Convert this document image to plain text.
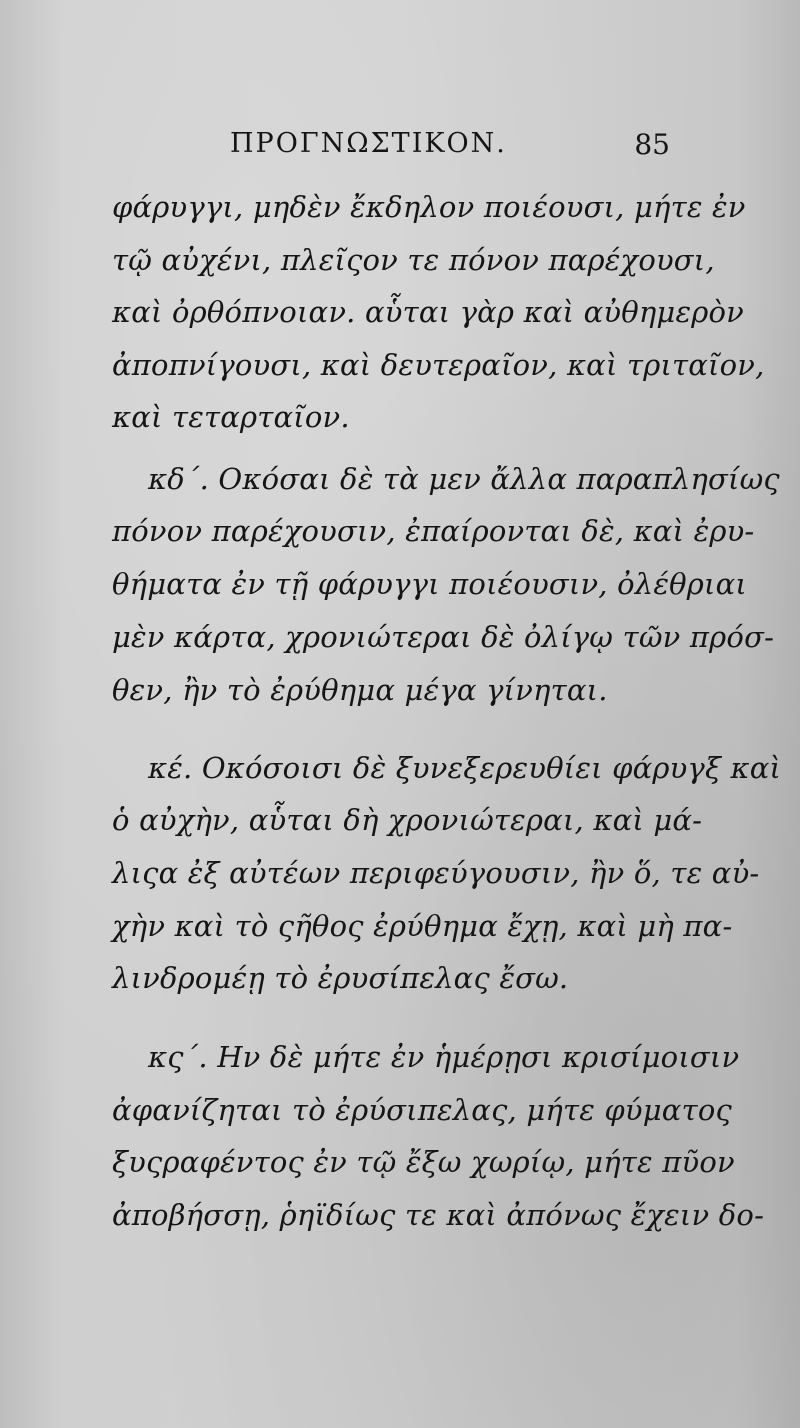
ΠΡΟΓΝΩΣΤΙΚΟΝ.	85
φάρυγγι, μηδὲν ἔκδηλον ποιέουσι, μήτε ἐν
τῷ αὐχένι, πλεῖςον τε πόνον παρέχουσι,
καὶ ὀρθόπνοιαν. αὗται γὰρ καὶ αὐθημερὸν
ἀποπνίγουσι, καὶ δευτεραῖον, καὶ τριταῖον,
καὶ τεταρταῖον.
κδ΄. Οκόσαι δὲ τὰ μεν ἄλλα παραπλησίως
πόνον παρέχουσιν, ἐπαίρονται δὲ, καὶ ἐρυ-
θήματα ἐν τῇ φάρυγγι ποιέουσιν, ὀλέθριαι
μὲν κάρτα, χρονιώτεραι δὲ ὀλίγῳ τῶν πρόσ-
θεν, ἢν τὸ ἐρύθημα μέγα γίνηται.
κέ. Οκόσοισι δὲ ξυνεξερευθίει φάρυγξ καὶ
ὁ αὐχὴν, αὗται δὴ χρονιώτεραι, καὶ μά-
λιςα ἐξ αὐτέων περιφεύγουσιν, ἢν ὅ, τε αὐ-
χὴν καὶ τὸ ςῆθος ἐρύθημα ἔχῃ, καὶ μὴ πα-
λινδρομέῃ τὸ ἐρυσίπελας ἔσω.
κς΄. Ην δὲ μήτε ἐν ἡμέρῃσι κρισίμοισιν
ἀφανίζηται τὸ ἐρύσιπελας, μήτε φύματος
ξυςραφέντος ἐν τῷ ἔξω χωρίῳ, μήτε πῦον
ἀποβήσσῃ, ῥηϊδίως τε καὶ ἀπόνως ἔχειν δο-
